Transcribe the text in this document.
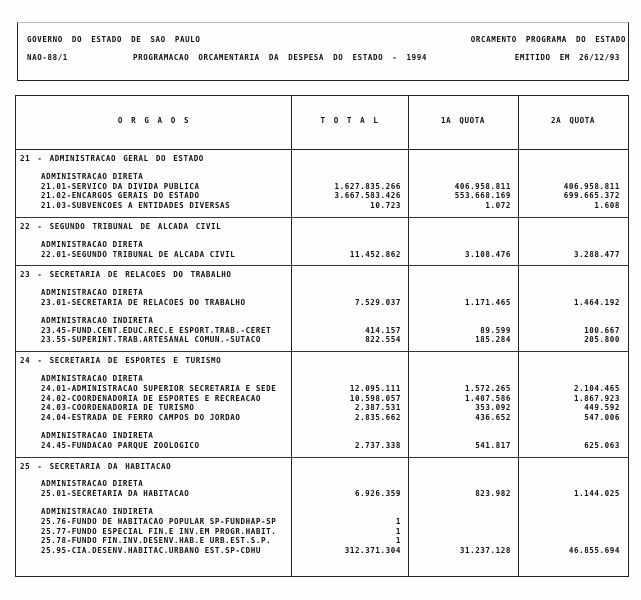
GOVERNO DO ESTADO DE SAO PAULO	ORCAMENTO PROGRAMA DO ESTADO
NAO-88/1	PROGRAMACAO ORCAMENTARIA DA DESPESA DO ESTADO - 1994	EMITIDO EM 26/12/93
O R G A O S	T O T A L	1A QUOTA	2A QUOTA
21 - ADMINISTRACAO GERAL DO ESTADO
ADMINISTRACAO DIRETA
21.01-SERVICO DA DIVIDA PUBLICA	1.627.835.266	406.958.811	406.958.811
21.02-ENCARGOS GERAIS DO ESTADO	3.667.583.426	553.668.169	699.665.372
21.03-SUBVENCOES A ENTIDADES DIVERSAS	10.723	1.072	1.608
22 - SEGUNDO TRIBUNAL DE ALCADA CIVIL
ADMINISTRACAO DIRETA
22.01-SEGUNDO TRIBUNAL DE ALCADA CIVIL	11.452.862	3.108.476	3.288.477
23 - SECRETARIA DE RELACOES DO TRABALHO
ADMINISTRACAO DIRETA
23.01-SECRETARIA DE RELACOES DO TRABALHO	7.529.037	1.171.465	1.464.192
ADMINISTRACAO INDIRETA
23.45-FUND.CENT.EDUC.REC.E ESPORT.TRAB.-CERET	414.157	89.599	100.667
23.55-SUPERINT.TRAB.ARTESANAL COMUN.-SUTACO	822.554	185.284	205.800
24 - SECRETARIA DE ESPORTES E TURISMO
ADMINISTRACAO DIRETA
24.01-ADMINISTRACAO SUPERIOR SECRETARIA E SEDE	12.095.111	1.572.265	2.104.465
24.02-COORDENADORIA DE ESPORTES E RECREACAO	10.598.057	1.407.586	1.867.923
24.03-COORDENADORIA DE TURISMO	2.387.531	353.092	449.592
24.04-ESTRADA DE FERRO CAMPOS DO JORDAO	2.835.662	436.652	547.006
ADMINISTRACAO INDIRETA
24.45-FUNDACAO PARQUE ZOOLOGICO	2.737.338	541.817	625.063
25 - SECRETARIA DA HABITACAO
ADMINISTRACAO DIRETA
25.01-SECRETARIA DA HABITACAO	6.926.359	823.982	1.144.025
ADMINISTRACAO INDIRETA
25.76-FUNDO DE HABITACAO POPULAR SP-FUNDHAP-SP	1
25.77-FUNDO ESPECIAL FIN.E INV.EM PROGR.HABIT.	1
25.78-FUNDO FIN.INV.DESENV.HAB.E URB.EST.S.P.	1
25.95-CIA.DESENV.HABITAC.URBANO EST.SP-CDHU	312.371.304	31.237.128	46.855.694
